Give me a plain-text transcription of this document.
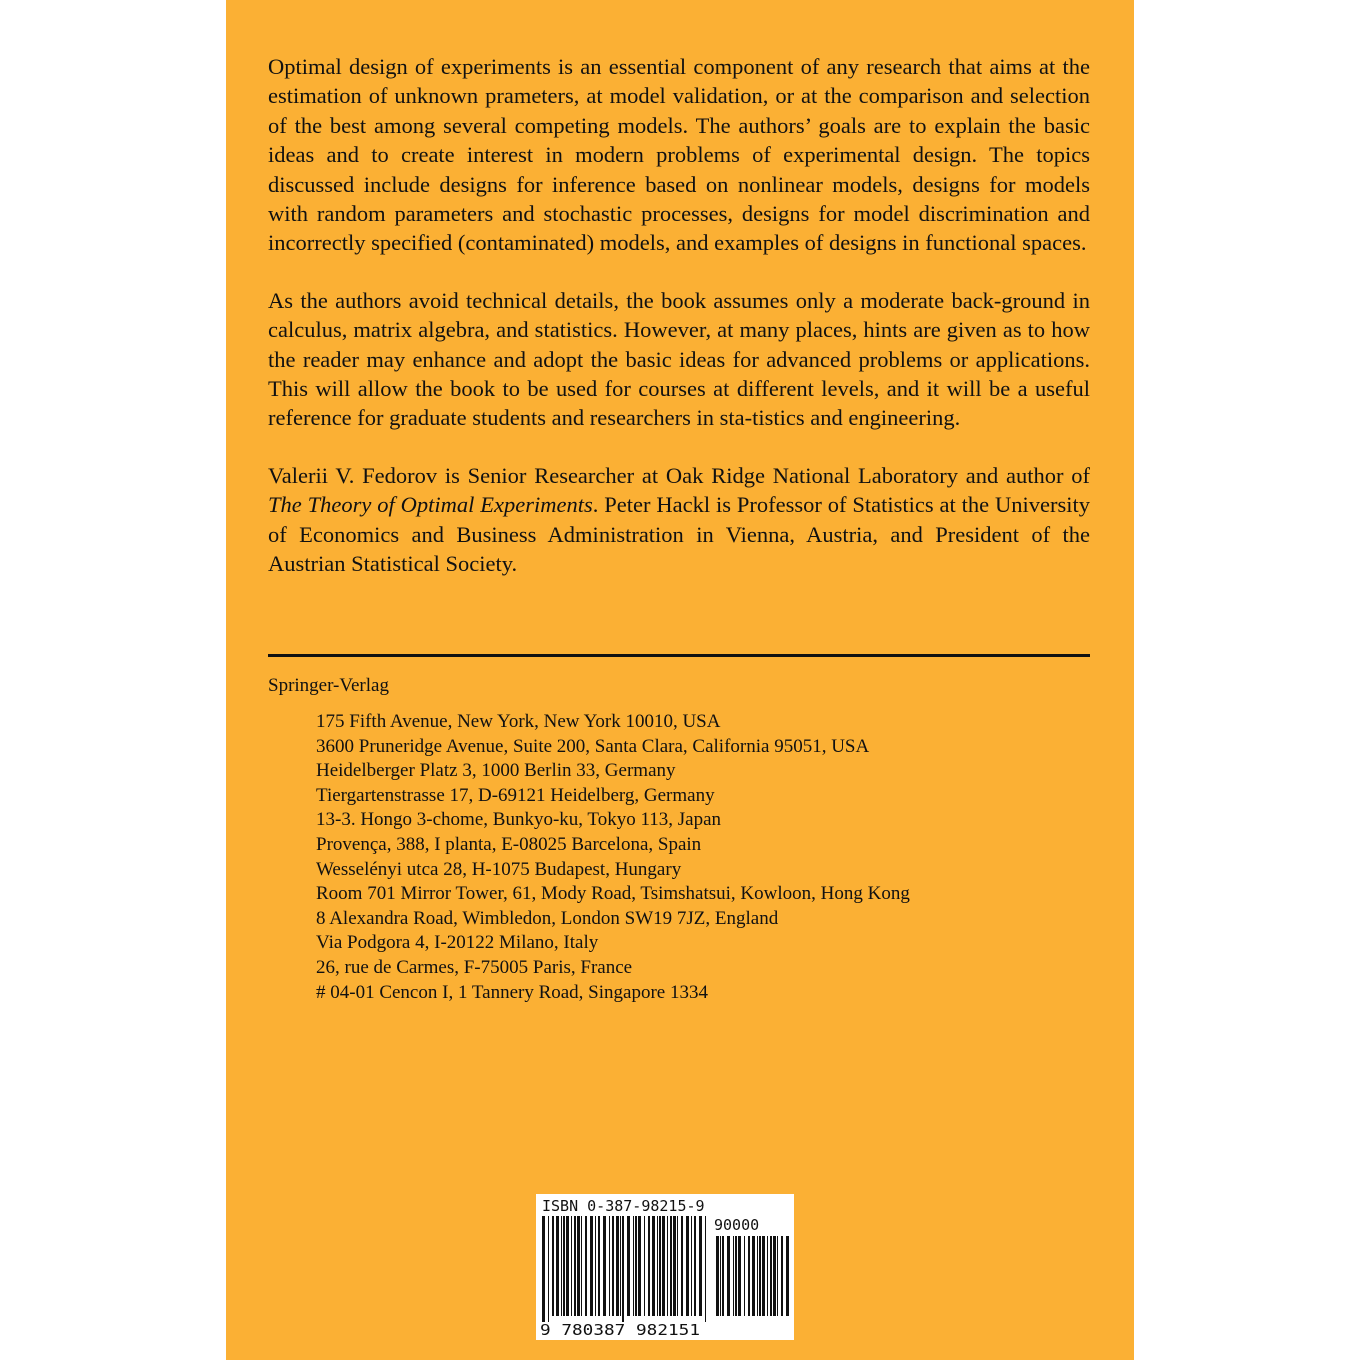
Optimal design of experiments is an essential component of any research that aims at the estimation of unknown prameters, at model validation, or at the comparison and selection of the best among several competing models. The authors’ goals are to explain the basic ideas and to create interest in modern problems of experimental design. The topics discussed include designs for inference based on nonlinear models, designs for models with random parameters and stochastic processes, designs for model discrimination and incorrectly specified (contaminated) models, and examples of designs in functional spaces.

As the authors avoid technical details, the book assumes only a moderate back-ground in calculus, matrix algebra, and statistics. However, at many places, hints are given as to how the reader may enhance and adopt the basic ideas for advanced problems or applications. This will allow the book to be used for courses at different levels, and it will be a useful reference for graduate students and researchers in sta-tistics and engineering.

Valerii V. Fedorov is Senior Researcher at Oak Ridge National Laboratory and author of The Theory of Optimal Experiments. Peter Hackl is Professor of Statistics at the University of Economics and Business Administration in Vienna, Austria, and President of the Austrian Statistical Society.

Springer-Verlag
175 Fifth Avenue, New York, New York 10010, USA
3600 Pruneridge Avenue, Suite 200, Santa Clara, California 95051, USA
Heidelberger Platz 3, 1000 Berlin 33, Germany
Tiergartenstrasse 17, D-69121 Heidelberg, Germany
13-3. Hongo 3-chome, Bunkyo-ku, Tokyo 113, Japan
Provença, 388, I planta, E-08025 Barcelona, Spain
Wesselényi utca 28, H-1075 Budapest, Hungary
Room 701 Mirror Tower, 61, Mody Road, Tsimshatsui, Kowloon, Hong Kong
8 Alexandra Road, Wimbledon, London SW19 7JZ, England
Via Podgora 4, I-20122 Milano, Italy
26, rue de Carmes, F-75005 Paris, France
# 04-01 Cencon I, 1 Tannery Road, Singapore 1334
ISBN 0-387-98215-9
90000
9 780387 982151
